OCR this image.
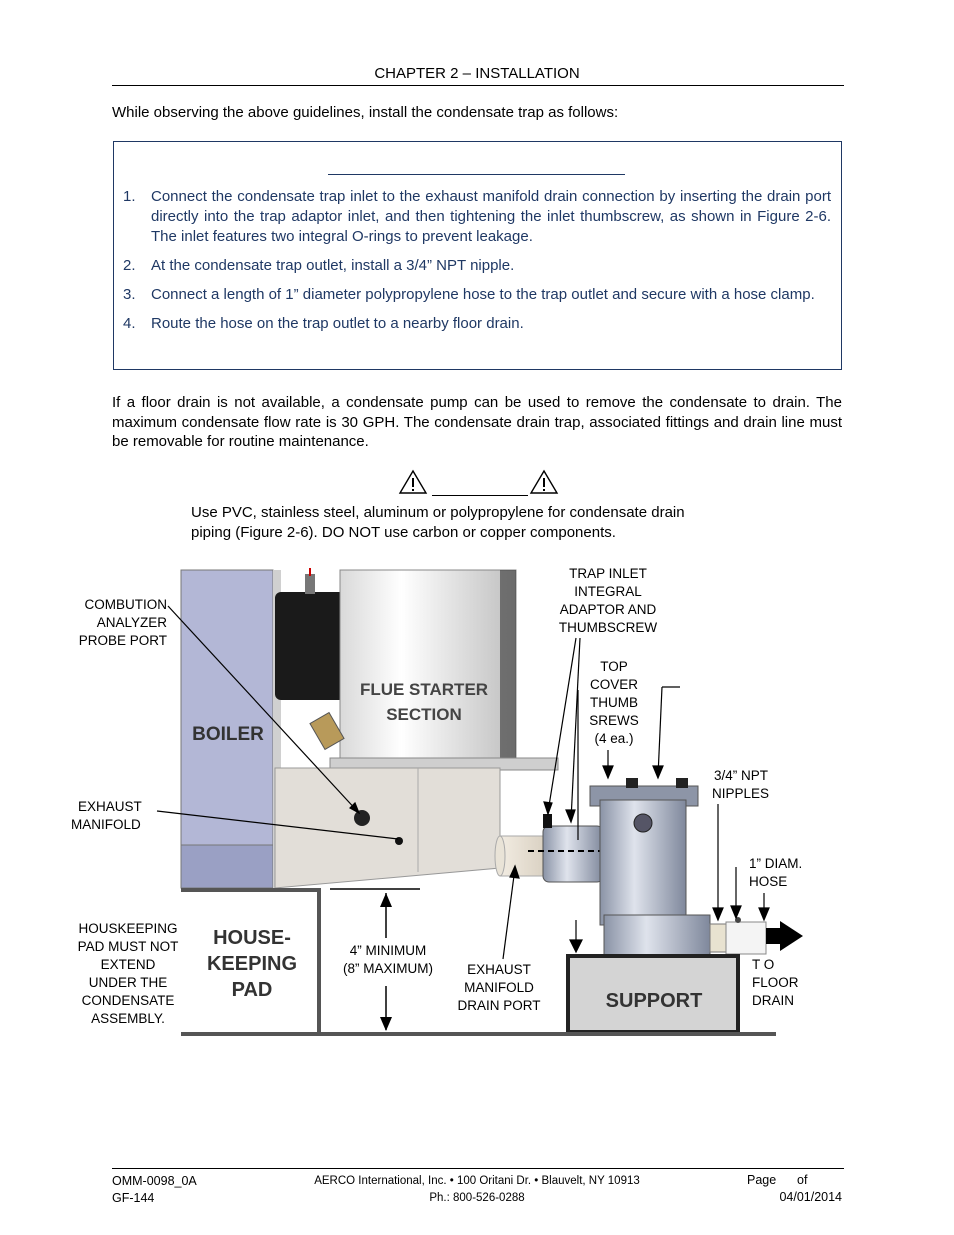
CHAPTER 2 – INSTALLATION
While observing the above guidelines, install the condensate trap as follows:
1.	Connect the condensate trap inlet to the exhaust manifold drain connection by inserting the drain port directly into the trap adaptor inlet, and then tightening the inlet thumbscrew, as shown in Figure 2-6. The inlet features two integral O-rings to prevent leakage.
2.	At the condensate trap outlet, install a 3/4” NPT nipple.
3.	Connect a length of 1” diameter polypropylene hose to the trap outlet and secure with a hose clamp.
4.	Route the hose on the trap outlet to a nearby floor drain.
If a floor drain is not available, a condensate pump can be used to remove the condensate to drain. The maximum condensate flow rate is 30 GPH. The condensate drain trap, associated fittings and drain line must be removable for routine maintenance.
Use PVC, stainless steel, aluminum or polypropylene for condensate drain
piping (Figure 2-6). DO NOT use carbon or copper components.
BOILER
FLUE STARTER
SECTION
SUPPORT
HOUSE-
KEEPING
PAD
COMBUTION
ANALYZER
PROBE PORT
EXHAUST
MANIFOLD
HOUSKEEPING
PAD MUST NOT
EXTEND
UNDER THE
CONDENSATE
ASSEMBLY.
4” MINIMUM
(8” MAXIMUM)	EXHAUST
MANIFOLD
DRAIN PORT
TRAP INLET
INTEGRAL
ADAPTOR AND
THUMBSCREW
TOP
COVER
THUMB
SREWS
(4 ea.)
3/4” NPT
NIPPLES
1” DIAM.
HOSE
T O
FLOOR
DRAIN
OMM-0098_0A
GF-144
AERCO International, Inc. • 100 Oritani Dr. • Blauvelt, NY 10913
Ph.: 800-526-0288
Page      of
04/01/2014
